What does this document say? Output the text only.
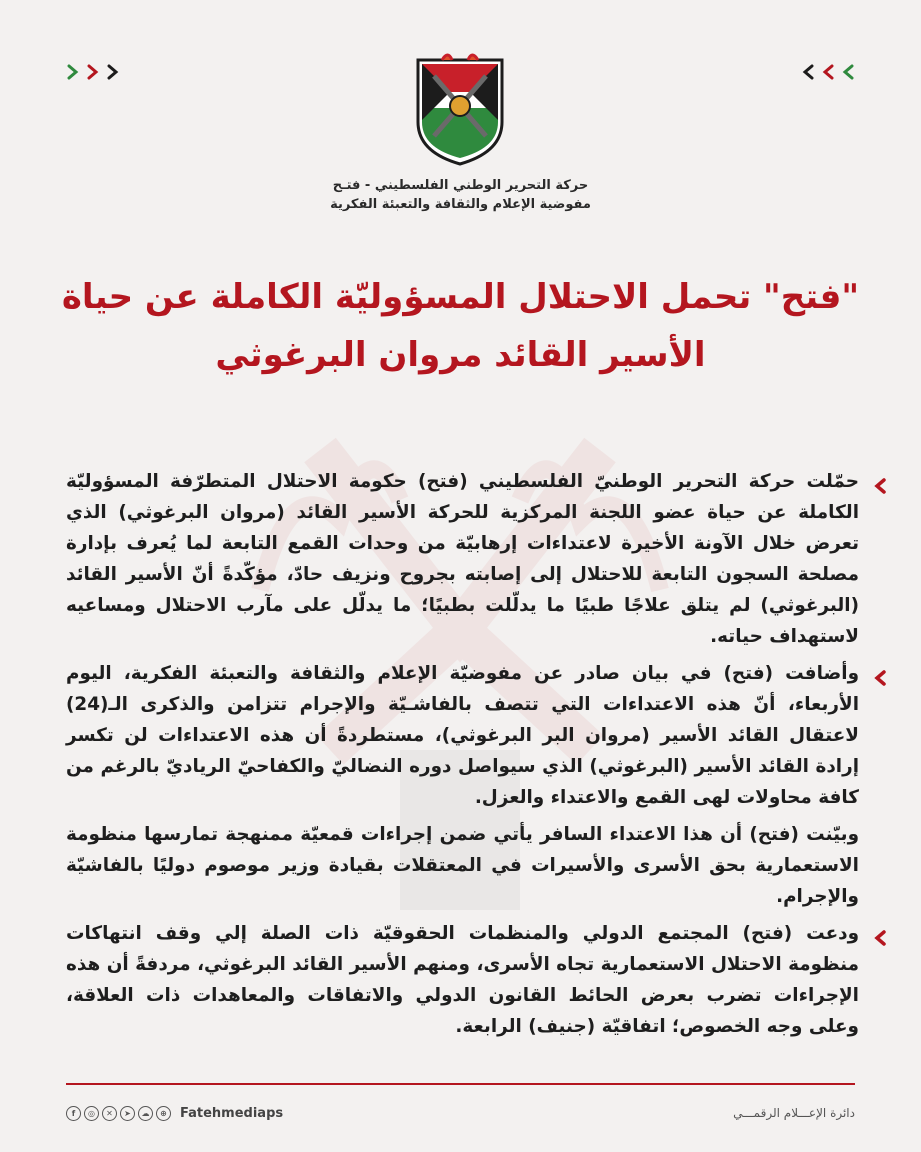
حركة التحرير الوطني الفلسطيني - فتـح
مفوضية الإعلام والثقافة والتعبئة الفكرية
"فتح" تحمل الاحتلال المسؤوليّة الكاملة عن حياة
الأسير القائد مروان البرغوثي

حمّلت حركة التحرير الوطنيّ الفلسطيني (فتح) حكومة الاحتلال المتطرّفة المسؤوليّة الكاملة عن حياة عضو اللجنة المركزية للحركة الأسير القائد (مروان البرغوثي) الذي تعرض خلال الآونة الأخيرة لاعتداءات إرهابيّة من وحدات القمع التابعة لما يُعرف بإدارة مصلحة السجون التابعة للاحتلال إلى إصابته بجروح ونزيف حادّ، مؤكّدةً أنّ الأسير القائد (البرغوثي) لم يتلق علاجًا طبيًا ما يدلّلت بطبيًا؛ ما يدلّل على مآرب الاحتلال ومساعيه لاستهداف حياته.

وأضافت (فتح) في بيان صادر عن مفوضيّة الإعلام والثقافة والتعبئة الفكرية، اليوم الأربعاء، أنّ هذه الاعتداءات التي تتصف بالفاشـيّة والإجرام تتزامن والذكرى الـ(24) لاعتقال القائد الأسير (مروان البر البرغوثي)، مستطردةً أن هذه الاعتداءات لن تكسر إرادة القائد الأسير (البرغوثي) الذي سيواصل دوره النضاليّ والكفاحيّ الرياديّ بالرغم من كافة محاولات لهى القمع والاعتداء والعزل.

وبيّنت (فتح) أن هذا الاعتداء السافر يأتي ضمن إجراءات قمعيّة ممنهجة تمارسها منظومة الاستعمارية بحق الأسرى والأسيرات في المعتقلات بقيادة وزير موصوم دوليًا بالفاشيّة والإجرام.

ودعت (فتح) المجتمع الدولي والمنظمات الحقوقيّة ذات الصلة إلي وقف انتهاكات منظومة الاحتلال الاستعمارية تجاه الأسرى، ومنهم الأسير القائد البرغوثي، مردفةً أن هذه الإجراءات تضرب بعرض الحائط القانون الدولي والاتفاقات والمعاهدات ذات العلاقة، وعلى وجه الخصوص؛ اتفاقيّة (جنيف) الرابعة.

f	◎	✕	➤	☁	⊕	Fatehmediaps	دائرة الإعـــلام الرقمـــي
